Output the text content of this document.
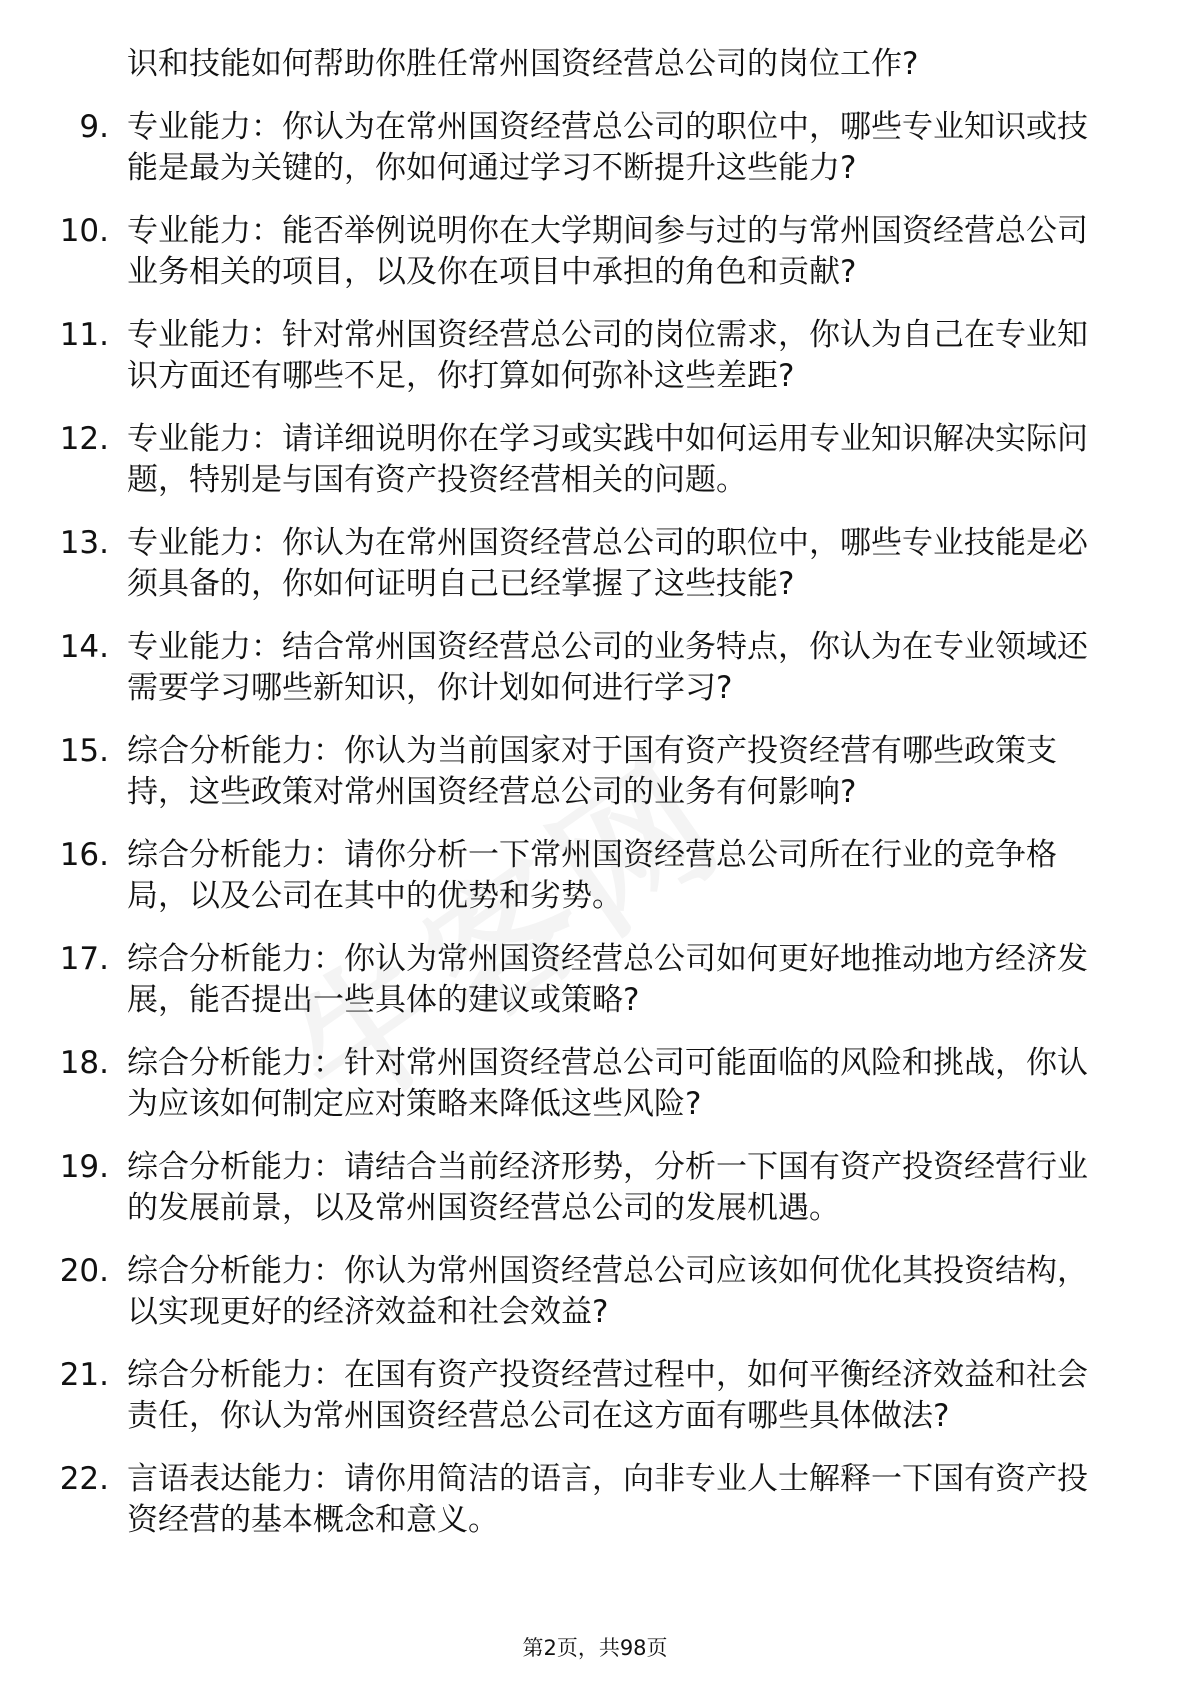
识和技能如何帮助你胜任常州国资经营总公司的岗位工作?
9. 专业能力：你认为在常州国资经营总公司的职位中，哪些专业知识或技能是最为关键的，你如何通过学习不断提升这些能力?
10. 专业能力：能否举例说明你在大学期间参与过的与常州国资经营总公司业务相关的项目，以及你在项目中承担的角色和贡献?
11. 专业能力：针对常州国资经营总公司的岗位需求，你认为自己在专业知识方面还有哪些不足，你打算如何弥补这些差距?
12. 专业能力：请详细说明你在学习或实践中如何运用专业知识解决实际问题，特别是与国有资产投资经营相关的问题。
13. 专业能力：你认为在常州国资经营总公司的职位中，哪些专业技能是必须具备的，你如何证明自己已经掌握了这些技能?
14. 专业能力：结合常州国资经营总公司的业务特点，你认为在专业领域还需要学习哪些新知识，你计划如何进行学习?
15. 综合分析能力：你认为当前国家对于国有资产投资经营有哪些政策支持，这些政策对常州国资经营总公司的业务有何影响?
16. 综合分析能力：请你分析一下常州国资经营总公司所在行业的竞争格局，以及公司在其中的优势和劣势。
17. 综合分析能力：你认为常州国资经营总公司如何更好地推动地方经济发展，能否提出一些具体的建议或策略?
18. 综合分析能力：针对常州国资经营总公司可能面临的风险和挑战，你认为应该如何制定应对策略来降低这些风险?
19. 综合分析能力：请结合当前经济形势，分析一下国有资产投资经营行业的发展前景，以及常州国资经营总公司的发展机遇。
20. 综合分析能力：你认为常州国资经营总公司应该如何优化其投资结构，以实现更好的经济效益和社会效益?
21. 综合分析能力：在国有资产投资经营过程中，如何平衡经济效益和社会责任，你认为常州国资经营总公司在这方面有哪些具体做法?
22. 言语表达能力：请你用简洁的语言，向非专业人士解释一下国有资产投资经营的基本概念和意义。
第2页，共98页
